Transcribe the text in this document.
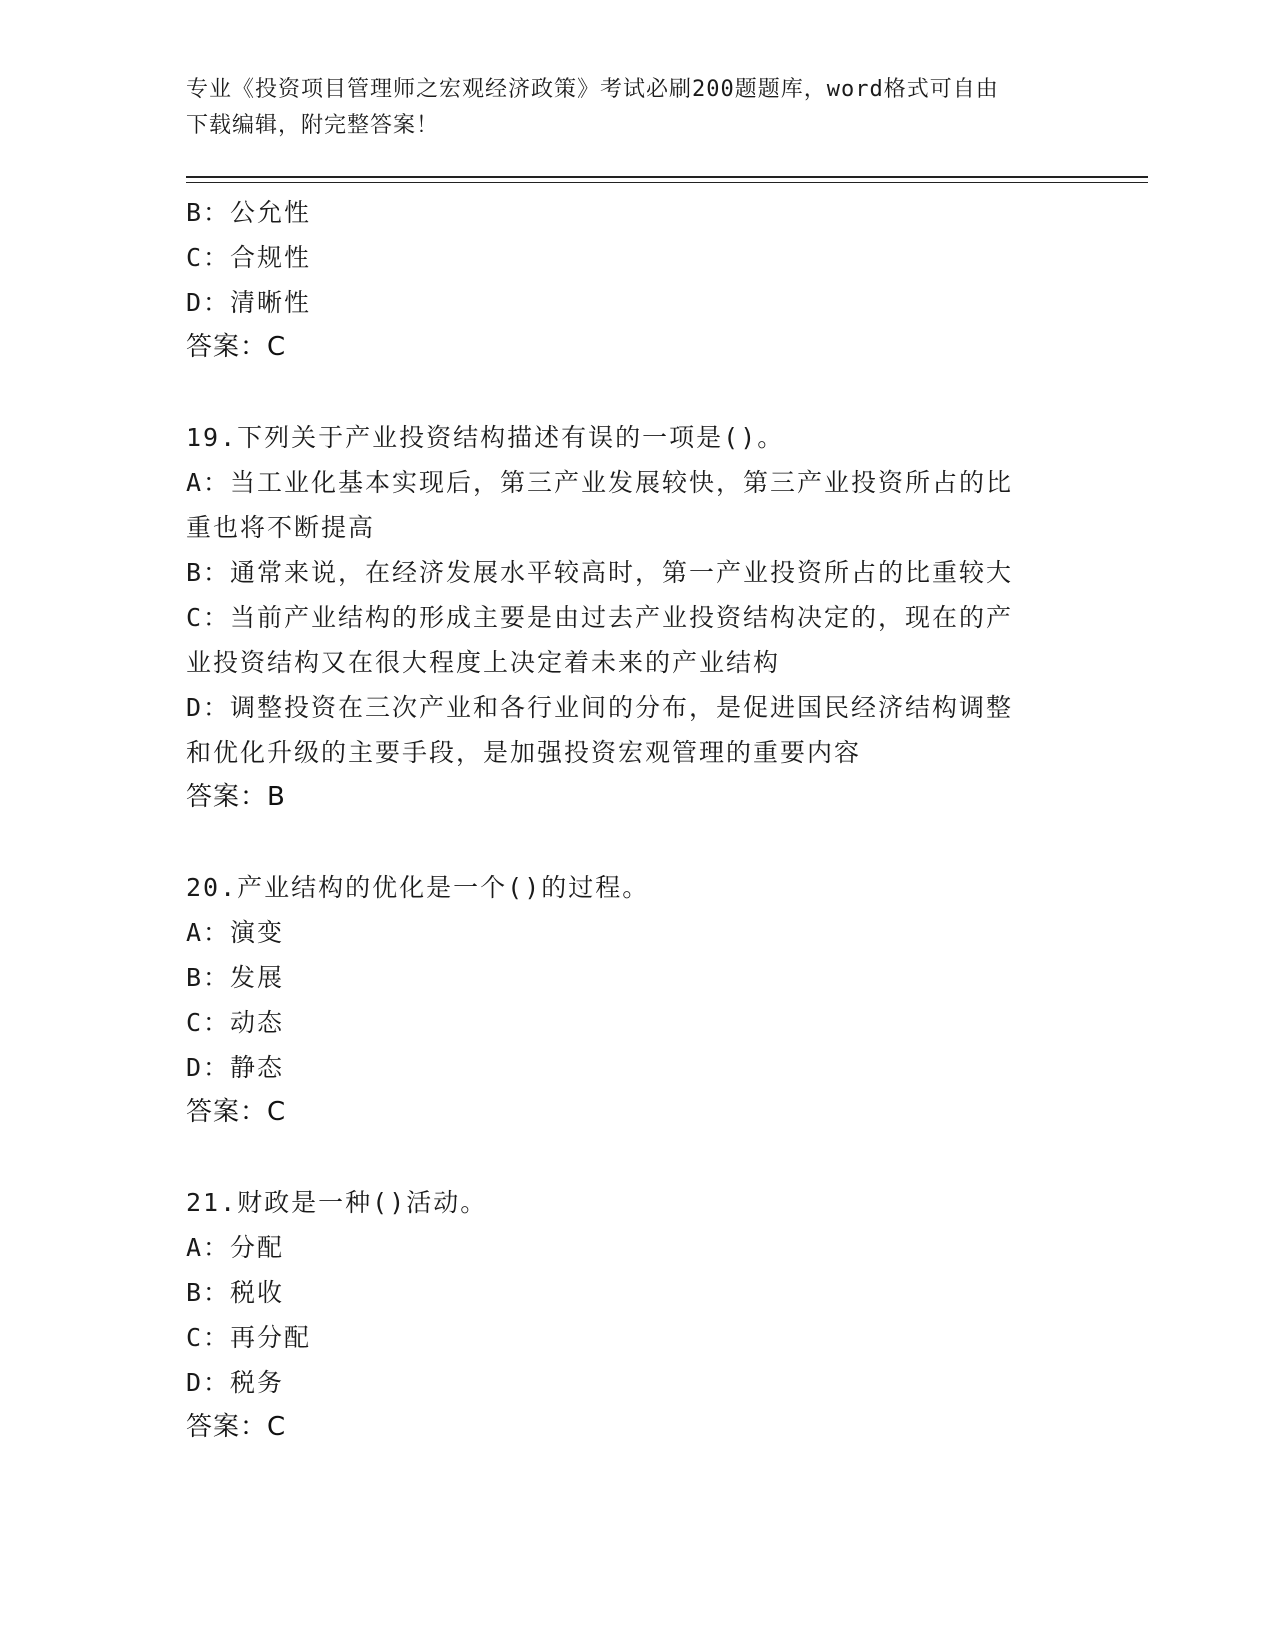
专业《投资项目管理师之宏观经济政策》考试必刷200题题库，word格式可自由
下载编辑，附完整答案！
B：公允性
C：合规性
D：清晰性
答案：C
19.下列关于产业投资结构描述有误的一项是()。
A：当工业化基本实现后，第三产业发展较快，第三产业投资所占的比
重也将不断提高
B：通常来说，在经济发展水平较高时，第一产业投资所占的比重较大
C：当前产业结构的形成主要是由过去产业投资结构决定的，现在的产
业投资结构又在很大程度上决定着未来的产业结构
D：调整投资在三次产业和各行业间的分布，是促进国民经济结构调整
和优化升级的主要手段，是加强投资宏观管理的重要内容
答案：B
20.产业结构的优化是一个()的过程。
A：演变
B：发展
C：动态
D：静态
答案：C
21.财政是一种()活动。
A：分配
B：税收
C：再分配
D：税务
答案：C
